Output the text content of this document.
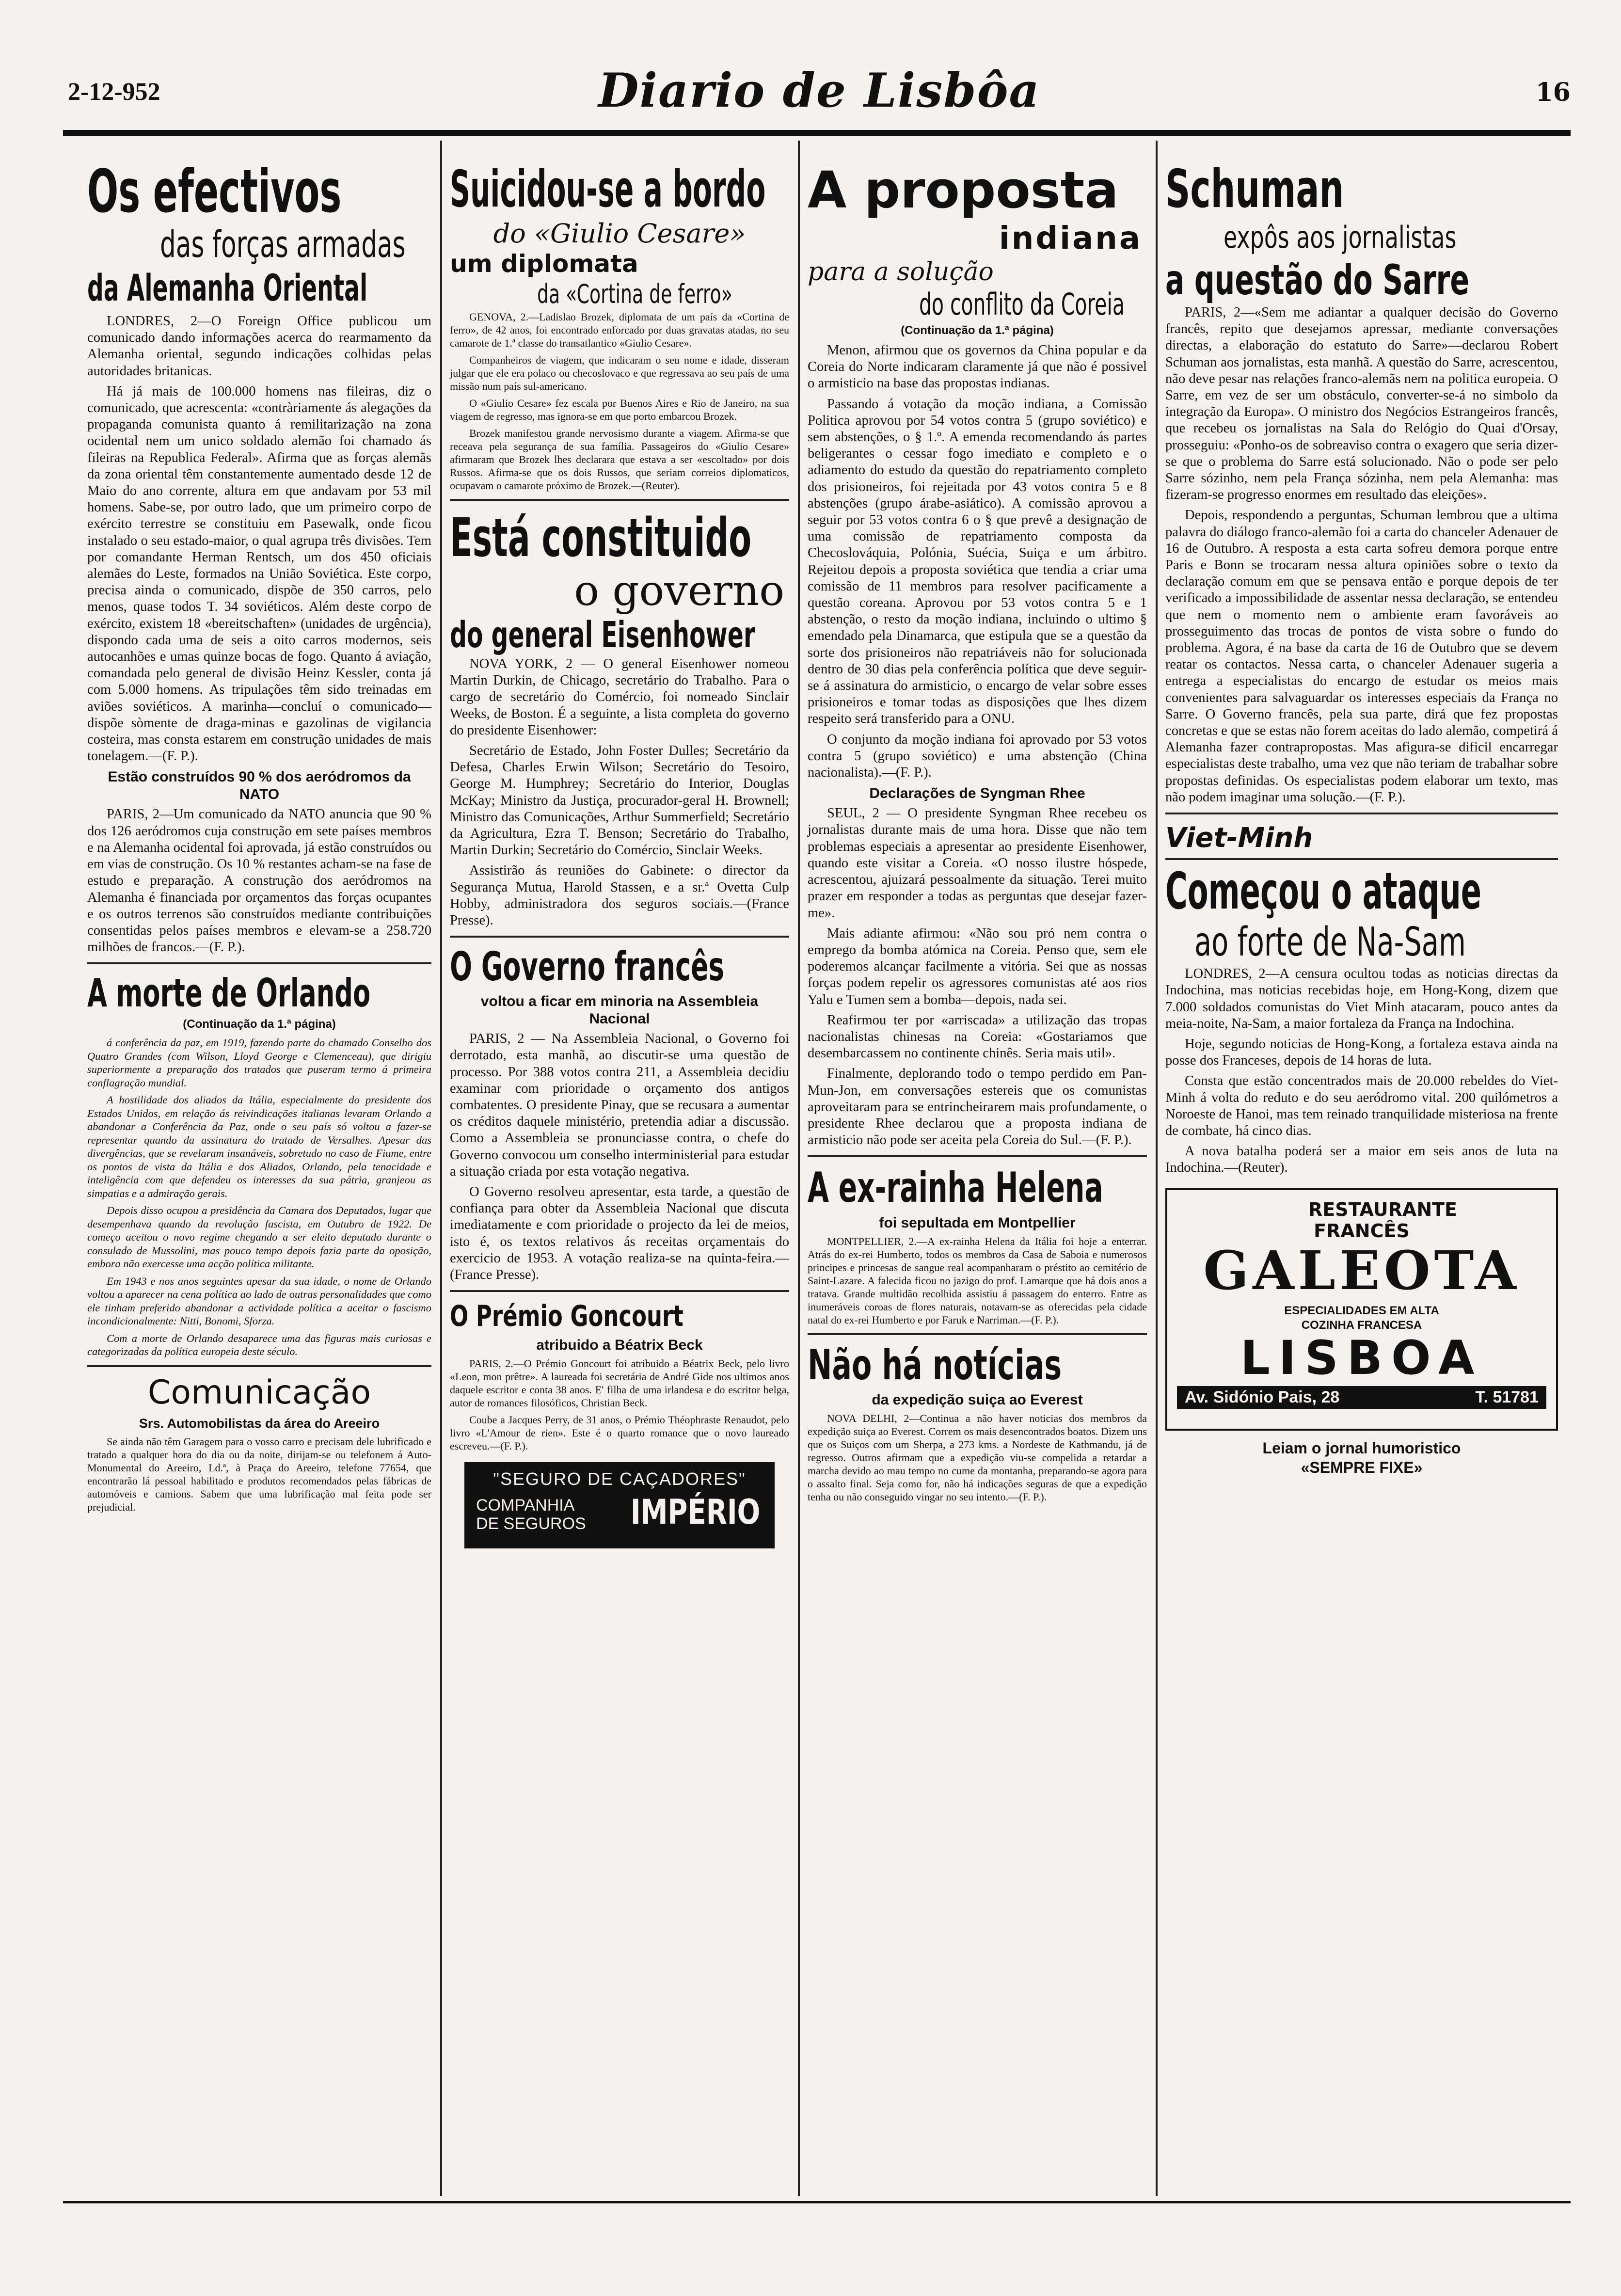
2-12-952	Diario de Lisbôa	16
Os efectivos
das forças armadas
da Alemanha Oriental

LONDRES, 2—O Foreign Office publicou um comunicado dando informações acerca do rearmamento da Alemanha oriental, segundo indicações colhidas pelas autoridades britanicas.

Há já mais de 100.000 homens nas fileiras, diz o comunicado, que acrescenta: «contràriamente ás alegações da propaganda comunista quanto á remilitarização na zona ocidental nem um unico soldado alemão foi chamado ás fileiras na Republica Federal». Afirma que as forças alemãs da zona oriental têm constantemente aumentado desde 12 de Maio do ano corrente, altura em que andavam por 53 mil homens. Sabe-se, por outro lado, que um primeiro corpo de exército terrestre se constituiu em Pasewalk, onde ficou instalado o seu estado-maior, o qual agrupa três divisões. Tem por comandante Herman Rentsch, um dos 450 oficiais alemães do Leste, formados na União Soviética. Este corpo, precisa ainda o comunicado, dispõe de 350 carros, pelo menos, quase todos T. 34 soviéticos. Além deste corpo de exército, existem 18 «bereitschaften» (unidades de urgência), dispondo cada uma de seis a oito carros modernos, seis autocanhões e umas quinze bocas de fogo. Quanto á aviação, comandada pelo general de divisão Heinz Kessler, conta já com 5.000 homens. As tripulações têm sido treinadas em aviões soviéticos. A marinha—concluí o comunicado—dispõe sòmente de draga-minas e gazolinas de vigilancia costeira, mas consta estarem em construção unidades de mais tonelagem.—(F. P.).

Estão construídos 90 % dos aeródromos da NATO

PARIS, 2—Um comunicado da NATO anuncia que 90 % dos 126 aeródromos cuja construção em sete países membros e na Alemanha ocidental foi aprovada, já estão construídos ou em vias de construção. Os 10 % restantes acham-se na fase de estudo e preparação. A construção dos aeródromos na Alemanha é financiada por orçamentos das forças ocupantes e os outros terrenos são construídos mediante contribuições consentidas pelos países membros e elevam-se a 258.720 milhões de francos.—(F. P.).

A morte de Orlando
(Continuação da 1.ª página)

á conferência da paz, em 1919, fazendo parte do chamado Conselho dos Quatro Grandes (com Wilson, Lloyd George e Clemenceau), que dirigiu superiormente a preparação dos tratados que puseram termo á primeira conflagração mundial.

A hostilidade dos aliados da Itália, especialmente do presidente dos Estados Unidos, em relação ás reivindicações italianas levaram Orlando a abandonar a Conferência da Paz, onde o seu país só voltou a fazer-se representar quando da assinatura do tratado de Versalhes. Apesar das divergências, que se revelaram insanáveis, sobretudo no caso de Fiume, entre os pontos de vista da Itália e dos Aliados, Orlando, pela tenacidade e inteligência com que defendeu os interesses da sua pátria, granjeou as simpatias e a admiração gerais.

Depois disso ocupou a presidência da Camara dos Deputados, lugar que desempenhava quando da revolução fascista, em Outubro de 1922. De começo aceitou o novo regime chegando a ser eleito deputado durante o consulado de Mussolini, mas pouco tempo depois fazia parte da oposição, embora não exercesse uma acção política militante.

Em 1943 e nos anos seguintes apesar da sua idade, o nome de Orlando voltou a aparecer na cena política ao lado de outras personalidades que como ele tinham preferido abandonar a actividade política a aceitar o fascismo incondicionalmente: Nitti, Bonomi, Sforza.

Com a morte de Orlando desaparece uma das figuras mais curiosas e categorizadas da política europeia deste século.

Comunicação
Srs. Automobilistas da área do Areeiro

Se ainda não têm Garagem para o vosso carro e precisam dele lubrificado e tratado a qualquer hora do dia ou da noite, dirijam-se ou telefonem á Auto-Monumental do Areeiro, Ld.ª, à Praça do Areeiro, telefone 77654, que encontrarão lá pessoal habilitado e produtos recomendados pelas fábricas de automóveis e camions. Sabem que uma lubrificação mal feita pode ser prejudicial.

Suicidou-se a bordo
do «Giulio Cesare»
um diplomata
da «Cortina de ferro»

GENOVA, 2.—Ladislao Brozek, diplomata de um país da «Cortina de ferro», de 42 anos, foi encontrado enforcado por duas gravatas atadas, no seu camarote de 1.ª classe do transatlantico «Giulio Cesare».

Companheiros de viagem, que indicaram o seu nome e idade, disseram julgar que ele era polaco ou checoslovaco e que regressava ao seu país de uma missão num país sul-americano.

O «Giulio Cesare» fez escala por Buenos Aires e Rio de Janeiro, na sua viagem de regresso, mas ignora-se em que porto embarcou Brozek.

Brozek manifestou grande nervosismo durante a viagem. Afirma-se que receava pela segurança de sua família. Passageiros do «Giulio Cesare» afirmaram que Brozek lhes declarara que estava a ser «escoltado» por dois Russos. Afirma-se que os dois Russos, que seriam correios diplomaticos, ocupavam o camarote próximo de Brozek.—(Reuter).

Está constituido
o governo
do general Eisenhower

NOVA YORK, 2 — O general Eisenhower nomeou Martin Durkin, de Chicago, secretário do Trabalho. Para o cargo de secretário do Comércio, foi nomeado Sinclair Weeks, de Boston. É a seguinte, a lista completa do governo do presidente Eisenhower:

Secretário de Estado, John Foster Dulles; Secretário da Defesa, Charles Erwin Wilson; Secretário do Tesoiro, George M. Humphrey; Secretário do Interior, Douglas McKay; Ministro da Justiça, procurador-geral H. Brownell; Ministro das Comunicações, Arthur Summerfield; Secretário da Agricultura, Ezra T. Benson; Secretário do Trabalho, Martin Durkin; Secretário do Comércio, Sinclair Weeks.

Assistirão ás reuniões do Gabinete: o director da Segurança Mutua, Harold Stassen, e a sr.ª Ovetta Culp Hobby, administradora dos seguros sociais.—(France Presse).

O Governo francês
voltou a ficar em minoria na Assembleia Nacional

PARIS, 2 — Na Assembleia Nacional, o Governo foi derrotado, esta manhã, ao discutir-se uma questão de processo. Por 388 votos contra 211, a Assembleia decidiu examinar com prioridade o orçamento dos antigos combatentes. O presidente Pinay, que se recusara a aumentar os créditos daquele ministério, pretendia adiar a discussão. Como a Assembleia se pronunciasse contra, o chefe do Governo convocou um conselho interministerial para estudar a situação criada por esta votação negativa.

O Governo resolveu apresentar, esta tarde, a questão de confiança para obter da Assembleia Nacional que discuta imediatamente e com prioridade o projecto da lei de meios, isto é, os textos relativos ás receitas orçamentais do exercicio de 1953. A votação realiza-se na quinta-feira.—(France Presse).

O Prémio Goncourt
atribuido a Béatrix Beck

PARIS, 2.—O Prémio Goncourt foi atribuido a Béatrix Beck, pelo livro «Leon, mon prêtre». A laureada foi secretária de André Gide nos ultimos anos daquele escritor e conta 38 anos. E' filha de uma irlandesa e do escritor belga, autor de romances filosóficos, Christian Beck.

Coube a Jacques Perry, de 31 anos, o Prémio Théophraste Renaudot, pelo livro «L'Amour de rien». Este é o quarto romance que o novo laureado escreveu.—(F. P.).

"SEGURO DE CAÇADORES"
COMPANHIA
DE SEGUROS IMPÉRIO
A proposta
indiana
para a solução
do conflito da Coreia
(Continuação da 1.ª página)

Menon, afirmou que os governos da China popular e da Coreia do Norte indicaram claramente já que não é possivel o armisticio na base das propostas indianas.

Passando á votação da moção indiana, a Comissão Politica aprovou por 54 votos contra 5 (grupo soviético) e sem abstenções, o § 1.º. A emenda recomendando ás partes beligerantes o cessar fogo imediato e completo e o adiamento do estudo da questão do repatriamento completo dos prisioneiros, foi rejeitada por 43 votos contra 5 e 8 abstenções (grupo árabe-asiático). A comissão aprovou a seguir por 53 votos contra 6 o § que prevê a designação de uma comissão de repatriamento composta da Checoslováquia, Polónia, Suécia, Suiça e um árbitro. Rejeitou depois a proposta soviética que tendia a criar uma comissão de 11 membros para resolver pacificamente a questão coreana. Aprovou por 53 votos contra 5 e 1 abstenção, o resto da moção indiana, incluindo o ultimo § emendado pela Dinamarca, que estipula que se a questão da sorte dos prisioneiros não repatriáveis não for solucionada dentro de 30 dias pela conferência política que deve seguir-se á assinatura do armisticio, o encargo de velar sobre esses prisioneiros e tomar todas as disposições que lhes dizem respeito será transferido para a ONU.

O conjunto da moção indiana foi aprovado por 53 votos contra 5 (grupo soviético) e uma abstenção (China nacionalista).—(F. P.).

Declarações de Syngman Rhee

SEUL, 2 — O presidente Syngman Rhee recebeu os jornalistas durante mais de uma hora. Disse que não tem problemas especiais a apresentar ao presidente Eisenhower, quando este visitar a Coreia. «O nosso ilustre hóspede, acrescentou, ajuizará pessoalmente da situação. Terei muito prazer em responder a todas as perguntas que desejar fazer-me».

Mais adiante afirmou: «Não sou pró nem contra o emprego da bomba atómica na Coreia. Penso que, sem ele poderemos alcançar facilmente a vitória. Sei que as nossas forças podem repelir os agressores comunistas até aos rios Yalu e Tumen sem a bomba—depois, nada sei.

Reafirmou ter por «arriscada» a utilização das tropas nacionalistas chinesas na Coreia: «Gostariamos que desembarcassem no continente chinês. Seria mais util».

Finalmente, deplorando todo o tempo perdido em Pan-Mun-Jon, em conversações estereis que os comunistas aproveitaram para se entrincheirarem mais profundamente, o presidente Rhee declarou que a proposta indiana de armisticio não pode ser aceita pela Coreia do Sul.—(F. P.).

A ex-rainha Helena
foi sepultada em Montpellier

MONTPELLIER, 2.—A ex-rainha Helena da Itália foi hoje a enterrar. Atrás do ex-rei Humberto, todos os membros da Casa de Saboia e numerosos principes e princesas de sangue real acompanharam o préstito ao cemitério de Saint-Lazare. A falecida ficou no jazigo do prof. Lamarque que há dois anos a tratava. Grande multidão recolhida assistiu á passagem do enterro. Entre as inumeráveis coroas de flores naturais, notavam-se as oferecidas pela cidade natal do ex-rei Humberto e por Faruk e Narriman.—(F. P.).

Não há notícias
da expedição suiça ao Everest

NOVA DELHI, 2—Continua a não haver noticias dos membros da expedição suiça ao Everest. Correm os mais desencontrados boatos. Dizem uns que os Suiços com um Sherpa, a 273 kms. a Nordeste de Kathmandu, já de regresso. Outros afirmam que a expedição viu-se compelida a retardar a marcha devido ao mau tempo no cume da montanha, preparando-se agora para o assalto final. Seja como for, não há indicações seguras de que a expedição tenha ou não conseguido vingar no seu intento.—(F. P.).

Schuman
expôs aos jornalistas
a questão do Sarre

PARIS, 2—«Sem me adiantar a qualquer decisão do Governo francês, repito que desejamos apressar, mediante conversações directas, a elaboração do estatuto do Sarre»—declarou Robert Schuman aos jornalistas, esta manhã. A questão do Sarre, acrescentou, não deve pesar nas relações franco-alemãs nem na politica europeia. O Sarre, em vez de ser um obstáculo, converter-se-á no simbolo da integração da Europa». O ministro dos Negócios Estrangeiros francês, que recebeu os jornalistas na Sala do Relógio do Quai d'Orsay, prosseguiu: «Ponho-os de sobreaviso contra o exagero que seria dizer-se que o problema do Sarre está solucionado. Não o pode ser pelo Sarre sózinho, nem pela França sózinha, nem pela Alemanha: mas fizeram-se progresso enormes em resultado das eleições».

Depois, respondendo a perguntas, Schuman lembrou que a ultima palavra do diálogo franco-alemão foi a carta do chanceler Adenauer de 16 de Outubro. A resposta a esta carta sofreu demora porque entre Paris e Bonn se trocaram nessa altura opiniões sobre o texto da declaração comum em que se pensava então e porque depois de ter verificado a impossibilidade de assentar nessa declaração, se entendeu que nem o momento nem o ambiente eram favoráveis ao prosseguimento das trocas de pontos de vista sobre o fundo do problema. Agora, é na base da carta de 16 de Outubro que se devem reatar os contactos. Nessa carta, o chanceler Adenauer sugeria a entrega a especialistas do encargo de estudar os meios mais convenientes para salvaguardar os interesses especiais da França no Sarre. O Governo francês, pela sua parte, dirá que fez propostas concretas e que se estas não forem aceitas do lado alemão, competirá á Alemanha fazer contrapropostas. Mas afigura-se dificil encarregar especialistas deste trabalho, uma vez que não teriam de trabalhar sobre propostas definidas. Os especialistas podem elaborar um texto, mas não podem imaginar uma solução.—(F. P.).

Viet-Minh
Começou o ataque
ao forte de Na-Sam

LONDRES, 2—A censura ocultou todas as noticias directas da Indochina, mas noticias recebidas hoje, em Hong-Kong, dizem que 7.000 soldados comunistas do Viet Minh atacaram, pouco antes da meia-noite, Na-Sam, a maior fortaleza da França na Indochina.

Hoje, segundo noticias de Hong-Kong, a fortaleza estava ainda na posse dos Franceses, depois de 14 horas de luta.

Consta que estão concentrados mais de 20.000 rebeldes do Viet-Minh á volta do reduto e do seu aeródromo vital. 200 quilómetros a Noroeste de Hanoi, mas tem reinado tranquilidade misteriosa na frente de combate, há cinco dias.

A nova batalha poderá ser a maior em seis anos de luta na Indochina.—(Reuter).

RESTAURANTE FRANCÊS
GALEOTA
ESPECIALIDADES EM ALTA
COZINHA FRANCESA
LISBOA
Av. Sidónio Pais, 28	T. 51781
Leiam o jornal humoristico
«SEMPRE FIXE»
